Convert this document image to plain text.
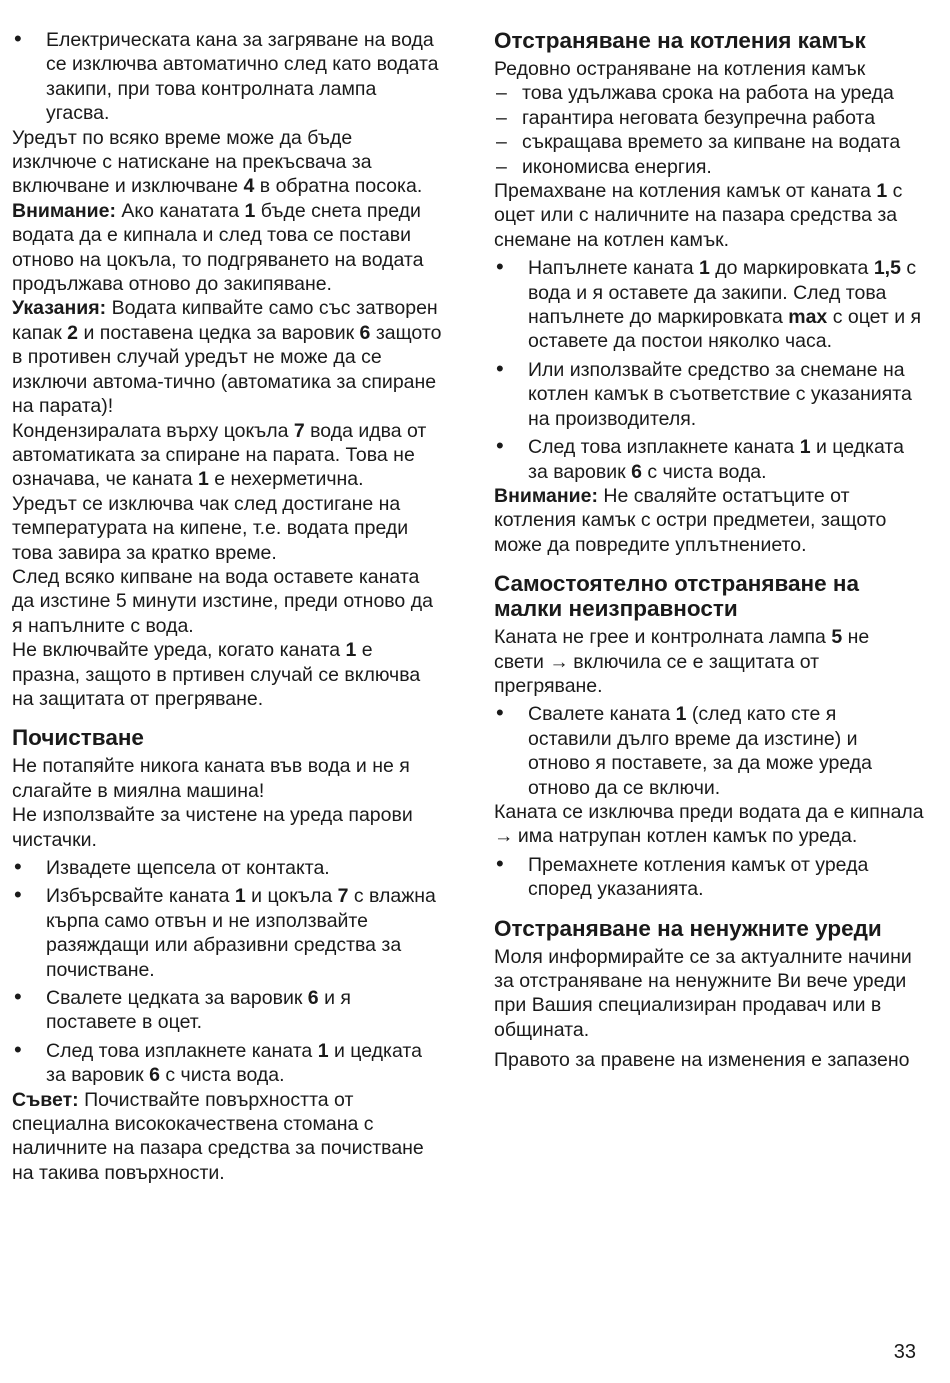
• Електрическата кана за загряване на вода се изключва автоматично след като водата закипи, при това контролната лампа угасва.

Уредът по всяко време може да бъде изклчюче с натискане на прекъсвача за включване и изключване 4 в обратна посока.

Внимание: Ако канатата 1 бъде снета преди водата да е кипнала и след това се постави отново на цокъла, то подгряването на водата продължава отново до закипяване.

Указания: Водата кипвайте само със затворен капак 2 и поставена цедка за варовик 6 защото в противен случай уредът не може да се изключи автома-тично (автоматика за спиране на парата)!

Кондензиралата върху цокъла 7 вода идва от автоматиката за спиране на парата. Това не означава, че каната 1 е нехерметична.

Уредът се изключва чак след достигане на температурата на кипене, т.е. водата преди това завира за кратко време.

След всяко кипване на вода оставете каната да изстине 5 минути изстине, преди отново да я напълните с вода.

Не включвайте уреда, когато каната 1 е празна, защото в пртивен случай се включва на защитата от прегряване.

Почистване

Не потапяйте никога каната във вода и не я слагайте в миялна машина!

Не използвайте за чистене на уреда парови чистачки.

• Извадете щепсела от контакта.
• Избърсвайте каната 1 и цокъла 7 с влажна кърпа само отвън и не използвайте разяждащи или абразивни средства за почистване.
• Свалете цедката за варовик 6 и я поставете в оцет.
• След това изплакнете каната 1 и цедката за варовик 6 с чиста вода.

Съвет: Почиствайте повърхността от специална висококачествена стомана с наличните на пазара средства за почистване на такива повърхности.

Отстраняване на котления камък

Редовно остраняване на котления камък

– това удължава срока на работа на уреда
– гарантира неговата безупречна работа
– съкращава времето за кипване на водата
– икономисва енергия.

Премахване на котления камък от каната 1 с оцет или с наличните на пазара средства за снемане на котлен камък.

• Напълнете каната 1 до маркировката 1,5 с вода и я оставете да закипи. След това напълнете до маркировката max с оцет и я оставете да постои няколко часа.
• Или използвайте средство за снемане на котлен камък в съответствие с указанията на производителя.
• След това изплакнете каната 1 и цедката за варовик 6 с чиста вода.

Внимание: Не сваляйте остатъците от котления камък с остри предметеи, защото може да повредите уплътнението.

Самостоятелно отстраняване на малки неизправности

Каната не грее и контролната лампа 5 не свети → включила се е защитата от прегряване.

• Свалете каната 1 (след като сте я оставили дълго време да изстине) и отново я поставете, за да може уреда отново да се включи.

Каната се изключва преди водата да е кипнала → има натрупан котлен камък по уреда.

• Премахнете котления камък от уреда според указанията.
Отстраняване на ненужните уреди

Моля информирайте се за актуалните начини за отстраняване на ненужните Ви вече уреди при Вашия специализиран продавач или в общината.

Правото за правене на изменения е запазено

33
